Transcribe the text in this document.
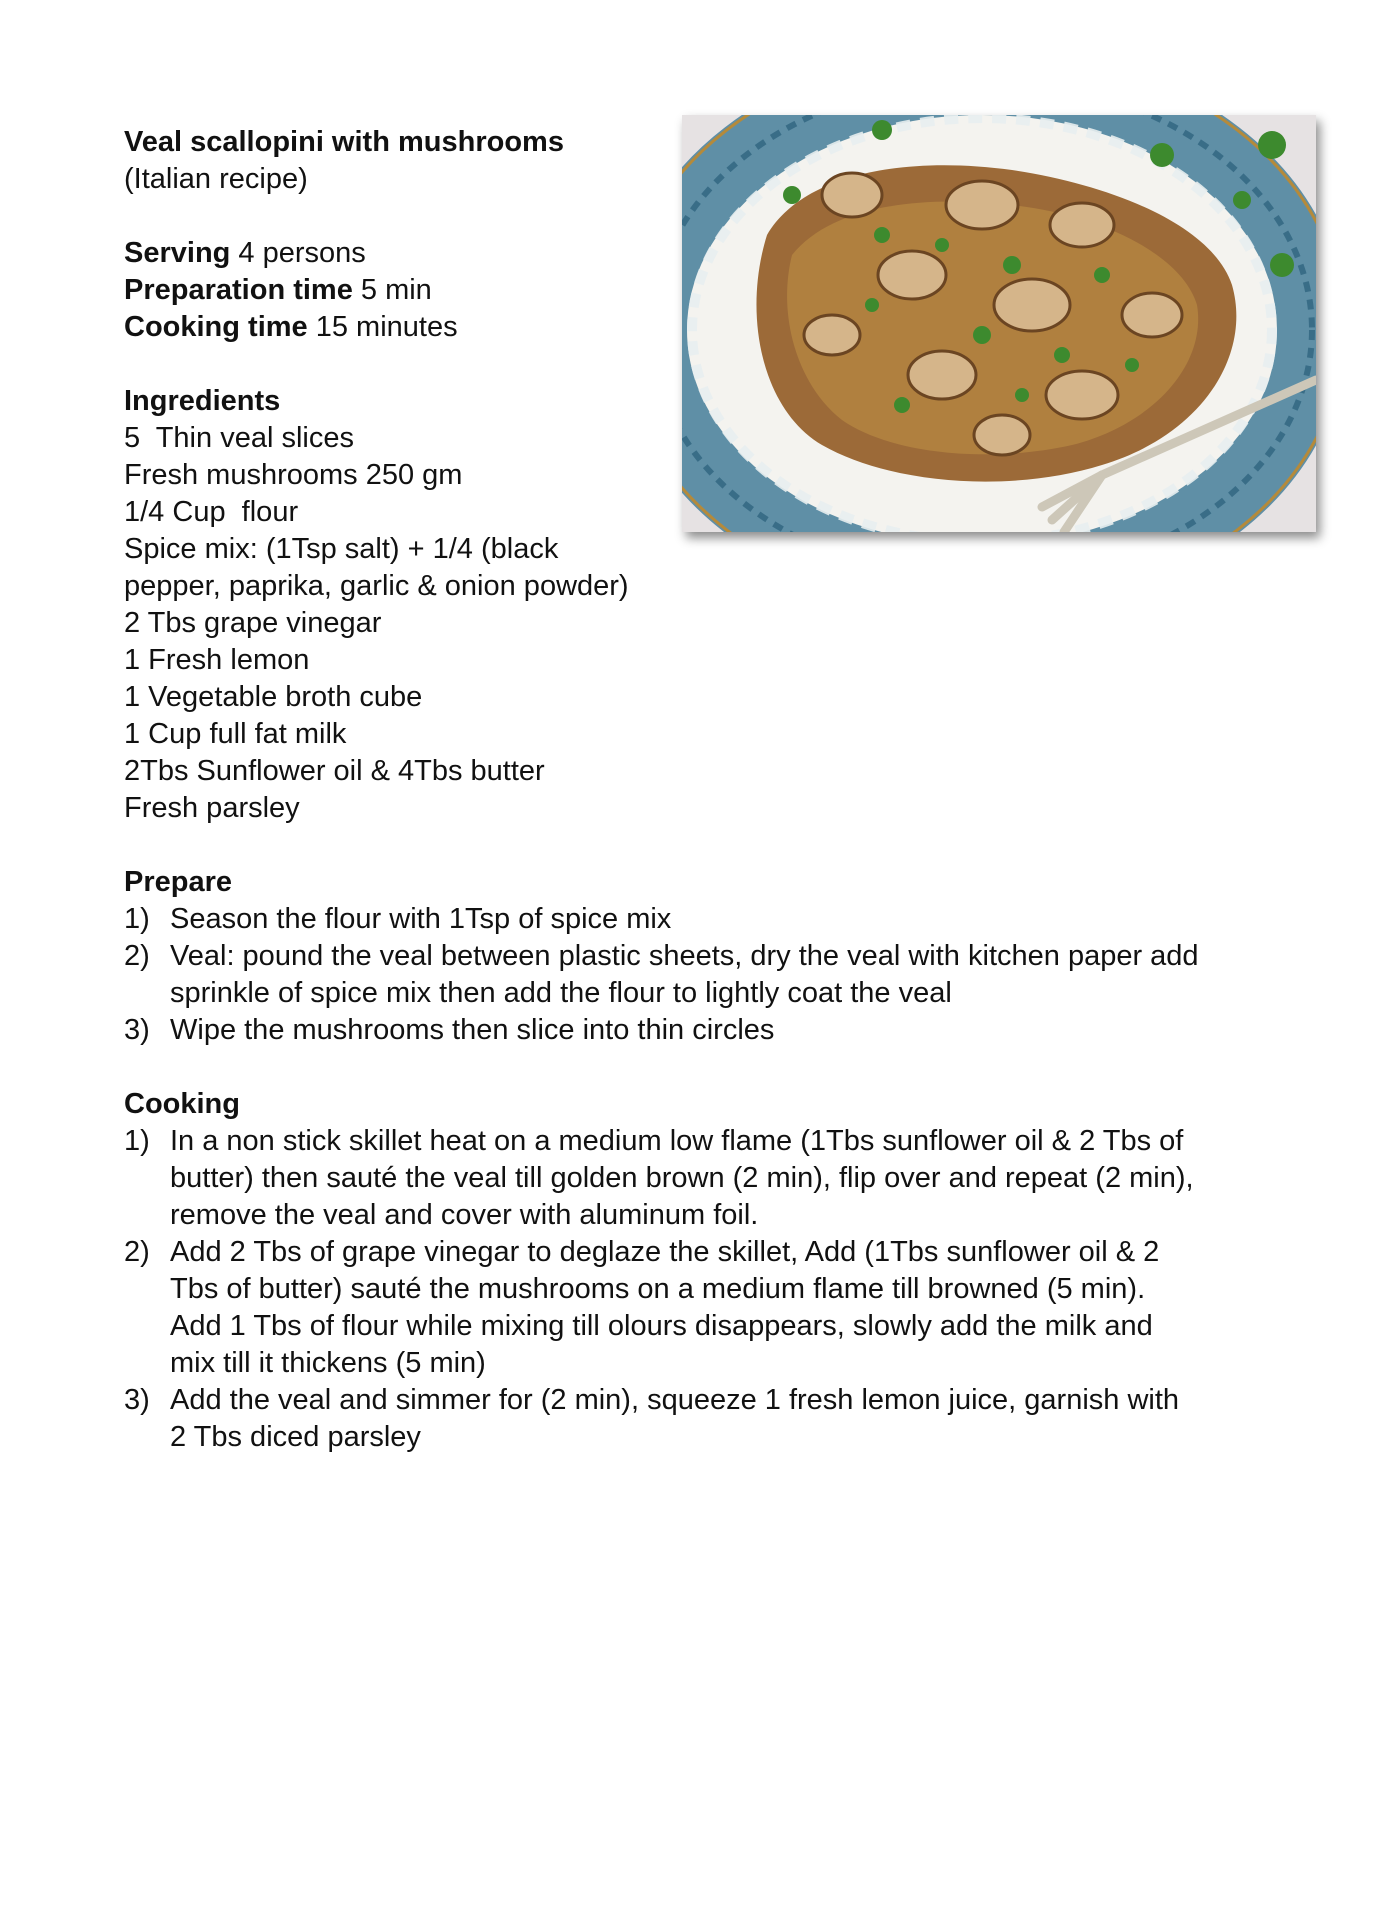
Veal scallopini with mushrooms
(Italian recipe)
Serving 4 persons
Preparation time 5 min
Cooking time 15 minutes
Ingredients
5  Thin veal slices
Fresh mushrooms 250 gm
1/4 Cup  flour
Spice mix: (1Tsp salt) + 1/4 (black
pepper, paprika, garlic & onion powder)
2 Tbs grape vinegar
1 Fresh lemon
1 Vegetable broth cube
1 Cup full fat milk
2Tbs Sunflower oil & 4Tbs butter
Fresh parsley
Prepare
1) Season the flour with 1Tsp of spice mix
2) Veal: pound the veal between plastic sheets, dry the veal with kitchen paper add
sprinkle of spice mix then add the flour to lightly coat the veal
3) Wipe the mushrooms then slice into thin circles
Cooking
1) In a non stick skillet heat on a medium low flame (1Tbs sunflower oil & 2 Tbs of
butter) then sauté the veal till golden brown (2 min), flip over and repeat (2 min),
remove the veal and cover with aluminum foil.
2) Add 2 Tbs of grape vinegar to deglaze the skillet, Add (1Tbs sunflower oil & 2
Tbs of butter) sauté the mushrooms on a medium flame till browned (5 min).
Add 1 Tbs of flour while mixing till olours disappears, slowly add the milk and
mix till it thickens (5 min)
3) Add the veal and simmer for (2 min), squeeze 1 fresh lemon juice, garnish with
2 Tbs diced parsley
